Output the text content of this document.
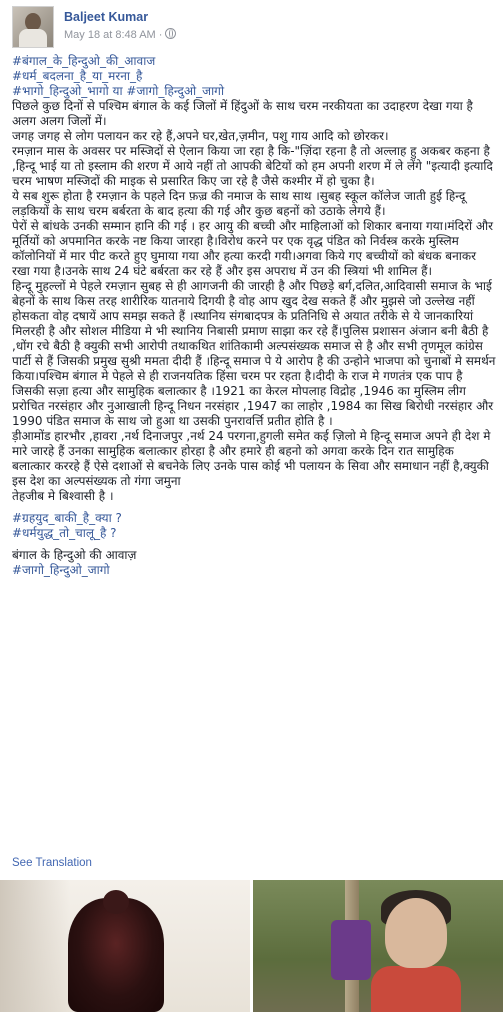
Baljeet Kumar
May 18 at 8:48 AM ·

#बंगाल_के_हिन्दुओ_की_आवाज

#धर्म_बदलना_है_या_मरना_है

#भागो_हिन्दुओ_भागो या #जागो_हिन्दुओ_जागो

पिछले कुछ दिनों से पश्चिम बंगाल के कई जिलों में हिंदुओं के साथ चरम नरकीयता का उदाहरण देखा गया है अलग अलग जिलों में।

जगह जगह से लोग पलायन कर रहे हैं,अपने घर,खेत,ज़मीन, पशु गाय आदि को छोरकर।

रमज़ान मास के अवसर पर मस्जिदों से ऐलान किया जा रहा है कि-"ज़िंदा रहना है तो अल्लाह हु अकबर कहना है ,हिन्दू भाई या तो इस्लाम की शरण में आये नहीं तो आपकी बेटियों को हम अपनी शरण में ले लेंगे "इत्यादी इत्यादि चरम भाषण मस्जिदों की माइक से प्रसारित किए जा रहे है जैसे कश्मीर में हो चुका है।

ये सब शुरू होता है रमज़ान के पहले दिन फ़ज़्र की नमाज के साथ साथ ।सुबह स्कूल कॉलेज जाती हुई हिन्दू लड़कियों के साथ चरम बर्बरता के बाद हत्या की गई और कुछ बहनों को उठाके लेगये हैं।

पेरों से बांधके उनकी सम्मान हानि की गई । हर आयु की बच्ची और माहिलाओं को शिकार बनाया गया।मंदिरों और मूर्तियों को अपमानित करके नष्ट किया जारहा है।विरोध करने पर एक वृद्ध पंडित को निर्वस्त्र करके मुस्लिम कॉलोनियों में मार पीट करते हुए घुमाया गया और हत्या करदी गयी।अगवा किये गए बच्चीयों को बंधक बनाकर रखा गया है।उनके साथ 24 घंटे बर्बरता कर रहे हैं और इस अपराध में उन की स्त्रियां भी शामिल हैं।

हिन्दू मुहल्लों मे पेहले रमज़ान सुबह से ही आगजनी की जारही है और पिछड़े बर्ग,दलित,आदिवासी समाज के भाई बेहनों के साथ किस तरह शारीरिक यातनाये दिगयी है वोह आप खुद देख सकते हैं और मुझसे जो उल्लेख नहीं होसकता वोह दषायें आप समझ सकते हैं ।स्थानिय संगबादपत्र के प्रतिनिधि से अयात तरीके से ये जानकारियां मिलरही है और सोशल मीडिया मे भी स्थानिय निबासी प्रमाण साझा कर रहे हैं।पुलिस प्रशासन अंजान बनी बैठी है ,धोंग रचे बैठी है क्युकी सभी आरोपी तथाकथित शांतिकामी अल्पसंख्यक समाज से है और सभी तृणमूल कांग्रेस पार्टी से हैं जिसकी प्रमुख सुश्री ममता दीदी हैं ।हिन्दू समाज पे ये आरोप है की उन्होने भाजपा को चुनाबों मे समर्थन किया।पश्चिम बंगाल मे पेहले से ही राजनयतिक हिंसा चरम पर रहता है।दीदी के राज मे गणतंत्र एक पाप है जिसकी सज़ा हत्या और सामुहिक बलात्कार है ।1921 का केरल मोपलाह विद्रोह ,1946 का मुस्लिम लीग प्ररोचित नरसंहार और नुआखाली हिन्दू निधन नरसंहार ,1947 का लाहोर ,1984 का सिख बिरोधी नरसंहार और 1990 पंडित समाज के साथ जो हुआ था उसकी पुनरावर्त्ति प्रतीत होति है ।

ड़ीआमोंड हारभौर ,हावरा ,नर्थ दिनाजपुर ,नर्थ 24 परगना,हुगली समेत कई ज़िलो मे हिन्दू समाज अपने ही देश मे मारे जारहे हैं उनका सामुहिक बलात्कार होरहा है और हमारे ही बहनो को अगवा करके दिन रात सामुहिक

बलात्कार कररहे हैं ऐसे दशाओं से बचनेके लिए उनके पास कोई भी पलायन के सिवा और समाधान नहीं है,क्युकी इस देश का अल्पसंख्यक तो गंगा जमुना

तेहजीब मे बिश्वासी है ।

#ग्रहयुद_बाकी_है_क्या ?

#धर्मयुद्ध_तो_चालू_है ?

बंगाल के हिन्दुओ की आवाज़

#जागो_हिन्दुओ_जागो

See Translation
